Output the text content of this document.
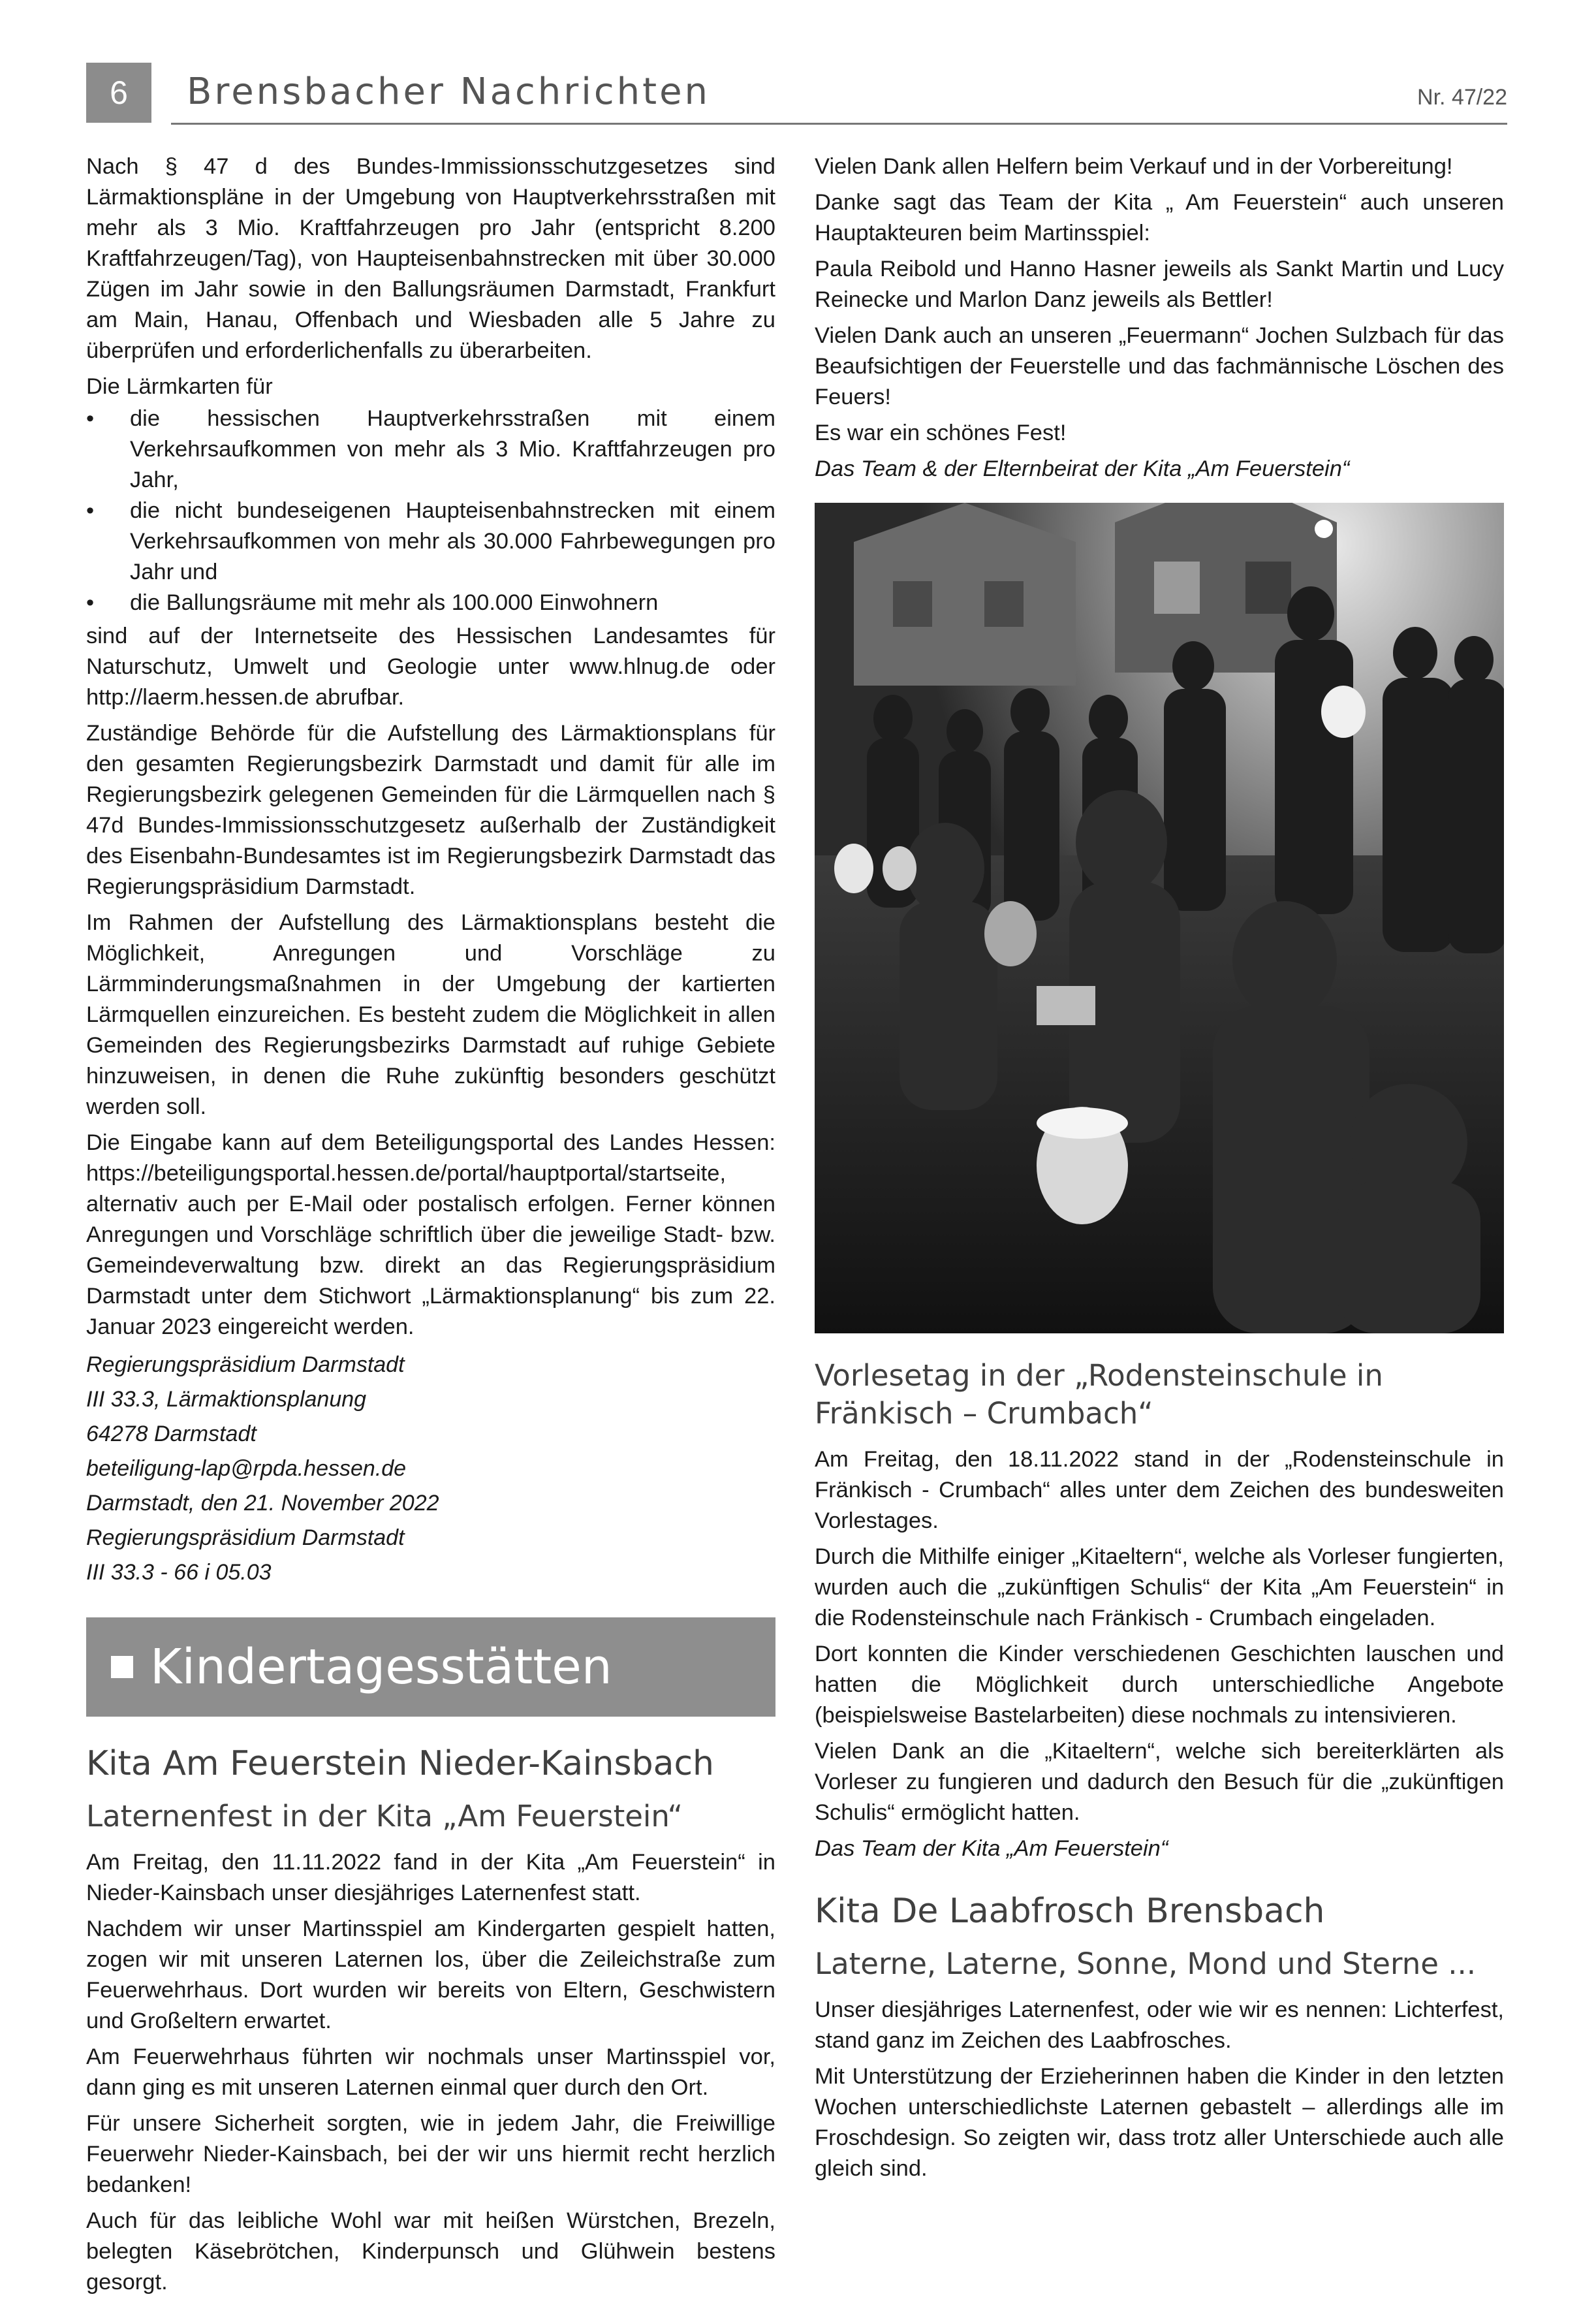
6	Brensbacher Nachrichten	Nr. 47/22

Nach § 47 d des Bundes-Immissionsschutzgesetzes sind Lärmaktionspläne in der Umgebung von Hauptverkehrsstraßen mit mehr als 3 Mio. Kraftfahrzeugen pro Jahr (entspricht 8.200 Kraftfahrzeugen/Tag), von Haupteisenbahnstrecken mit über 30.000 Zügen im Jahr sowie in den Ballungsräumen Darmstadt, Frankfurt am Main, Hanau, Offenbach und Wiesbaden alle 5 Jahre zu überprüfen und erforderlichenfalls zu überarbeiten.

Die Lärmkarten für

• die hessischen Hauptverkehrsstraßen mit einem Verkehrsaufkommen von mehr als 3 Mio. Kraftfahrzeugen pro Jahr,
• die nicht bundeseigenen Haupteisenbahnstrecken mit einem Verkehrsaufkommen von mehr als 30.000 Fahrbewegungen pro Jahr und
• die Ballungsräume mit mehr als 100.000 Einwohnern

sind auf der Internetseite des Hessischen Landesamtes für Naturschutz, Umwelt und Geologie unter www.hlnug.de oder http://laerm.hessen.de abrufbar.

Zuständige Behörde für die Aufstellung des Lärmaktionsplans für den gesamten Regierungsbezirk Darmstadt und damit für alle im Regierungsbezirk gelegenen Gemeinden für die Lärmquellen nach § 47d Bundes-Immissionsschutzgesetz außerhalb der Zuständigkeit des Eisenbahn-Bundesamtes ist im Regierungsbezirk Darmstadt das Regierungspräsidium Darmstadt.

Im Rahmen der Aufstellung des Lärmaktionsplans besteht die Möglichkeit, Anregungen und Vorschläge zu Lärmminderungsmaßnahmen in der Umgebung der kartierten Lärmquellen einzureichen. Es besteht zudem die Möglichkeit in allen Gemeinden des Regierungsbezirks Darmstadt auf ruhige Gebiete hinzuweisen, in denen die Ruhe zukünftig besonders geschützt werden soll.

Die Eingabe kann auf dem Beteiligungsportal des Landes Hessen: https://beteiligungsportal.hessen.de/portal/hauptportal/startseite, alternativ auch per E-Mail oder postalisch erfolgen. Ferner können Anregungen und Vorschläge schriftlich über die jeweilige Stadt- bzw. Gemeindeverwaltung bzw. direkt an das Regierungspräsidium Darmstadt unter dem Stichwort „Lärmaktionsplanung“ bis zum 22. Januar 2023 eingereicht werden.

Regierungspräsidium Darmstadt

III 33.3, Lärmaktionsplanung

64278 Darmstadt

beteiligung-lap@rpda.hessen.de

Darmstadt, den 21. November 2022

Regierungspräsidium Darmstadt

III 33.3 - 66 i 05.03

Kindertagesstätten
Kita Am Feuerstein Nieder-Kainsbach
Laternenfest in der Kita „Am Feuerstein“

Am Freitag, den 11.11.2022 fand in der Kita „Am Feuerstein“ in Nieder-Kainsbach unser diesjähriges Laternenfest statt.

Nachdem wir unser Martinsspiel am Kindergarten gespielt hatten, zogen wir mit unseren Laternen los, über die Zeileichstraße zum Feuerwehrhaus. Dort wurden wir bereits von Eltern, Geschwistern und Großeltern erwartet.

Am Feuerwehrhaus führten wir nochmals unser Martinsspiel vor, dann ging es mit unseren Laternen einmal quer durch den Ort.

Für unsere Sicherheit sorgten, wie in jedem Jahr, die Freiwillige Feuerwehr Nieder-Kainsbach, bei der wir uns hiermit recht herzlich bedanken!

Auch für das leibliche Wohl war mit heißen Würstchen, Brezeln, belegten Käsebrötchen, Kinderpunsch und Glühwein bestens gesorgt.

Vielen Dank allen Helfern beim Verkauf und in der Vorbereitung!

Danke sagt das Team der Kita „ Am Feuerstein“ auch unseren Hauptakteuren beim Martinsspiel:

Paula Reibold und Hanno Hasner jeweils als Sankt Martin und Lucy Reinecke und Marlon Danz jeweils als Bettler!

Vielen Dank auch an unseren „Feuermann“ Jochen Sulzbach für das Beaufsichtigen der Feuerstelle und das fachmännische Löschen des Feuers!

Es war ein schönes Fest!

Das Team & der Elternbeirat der Kita „Am Feuerstein“

Vorlesetag in der „Rodensteinschule in Fränkisch – Crumbach“

Am Freitag, den 18.11.2022 stand in der „Rodensteinschule in Fränkisch - Crumbach“ alles unter dem Zeichen des bundesweiten Vorlestages.

Durch die Mithilfe einiger „Kitaeltern“, welche als Vorleser fungierten, wurden auch die „zukünftigen Schulis“ der Kita „Am Feuerstein“ in die Rodensteinschule nach Fränkisch - Crumbach eingeladen.

Dort konnten die Kinder verschiedenen Geschichten lauschen und hatten die Möglichkeit durch unterschiedliche Angebote (beispielsweise Bastelarbeiten) diese nochmals zu intensivieren.

Vielen Dank an die „Kitaeltern“, welche sich bereiterklärten als Vorleser zu fungieren und dadurch den Besuch für die „zukünftigen Schulis“ ermöglicht hatten.

Das Team der Kita „Am Feuerstein“

Kita De Laabfrosch Brensbach
Laterne, Laterne, Sonne, Mond und Sterne ...

Unser diesjähriges Laternenfest, oder wie wir es nennen: Lichterfest, stand ganz im Zeichen des Laabfrosches.

Mit Unterstützung der Erzieherinnen haben die Kinder in den letzten Wochen unterschiedlichste Laternen gebastelt – allerdings alle im Froschdesign. So zeigten wir, dass trotz aller Unterschiede auch alle gleich sind.
